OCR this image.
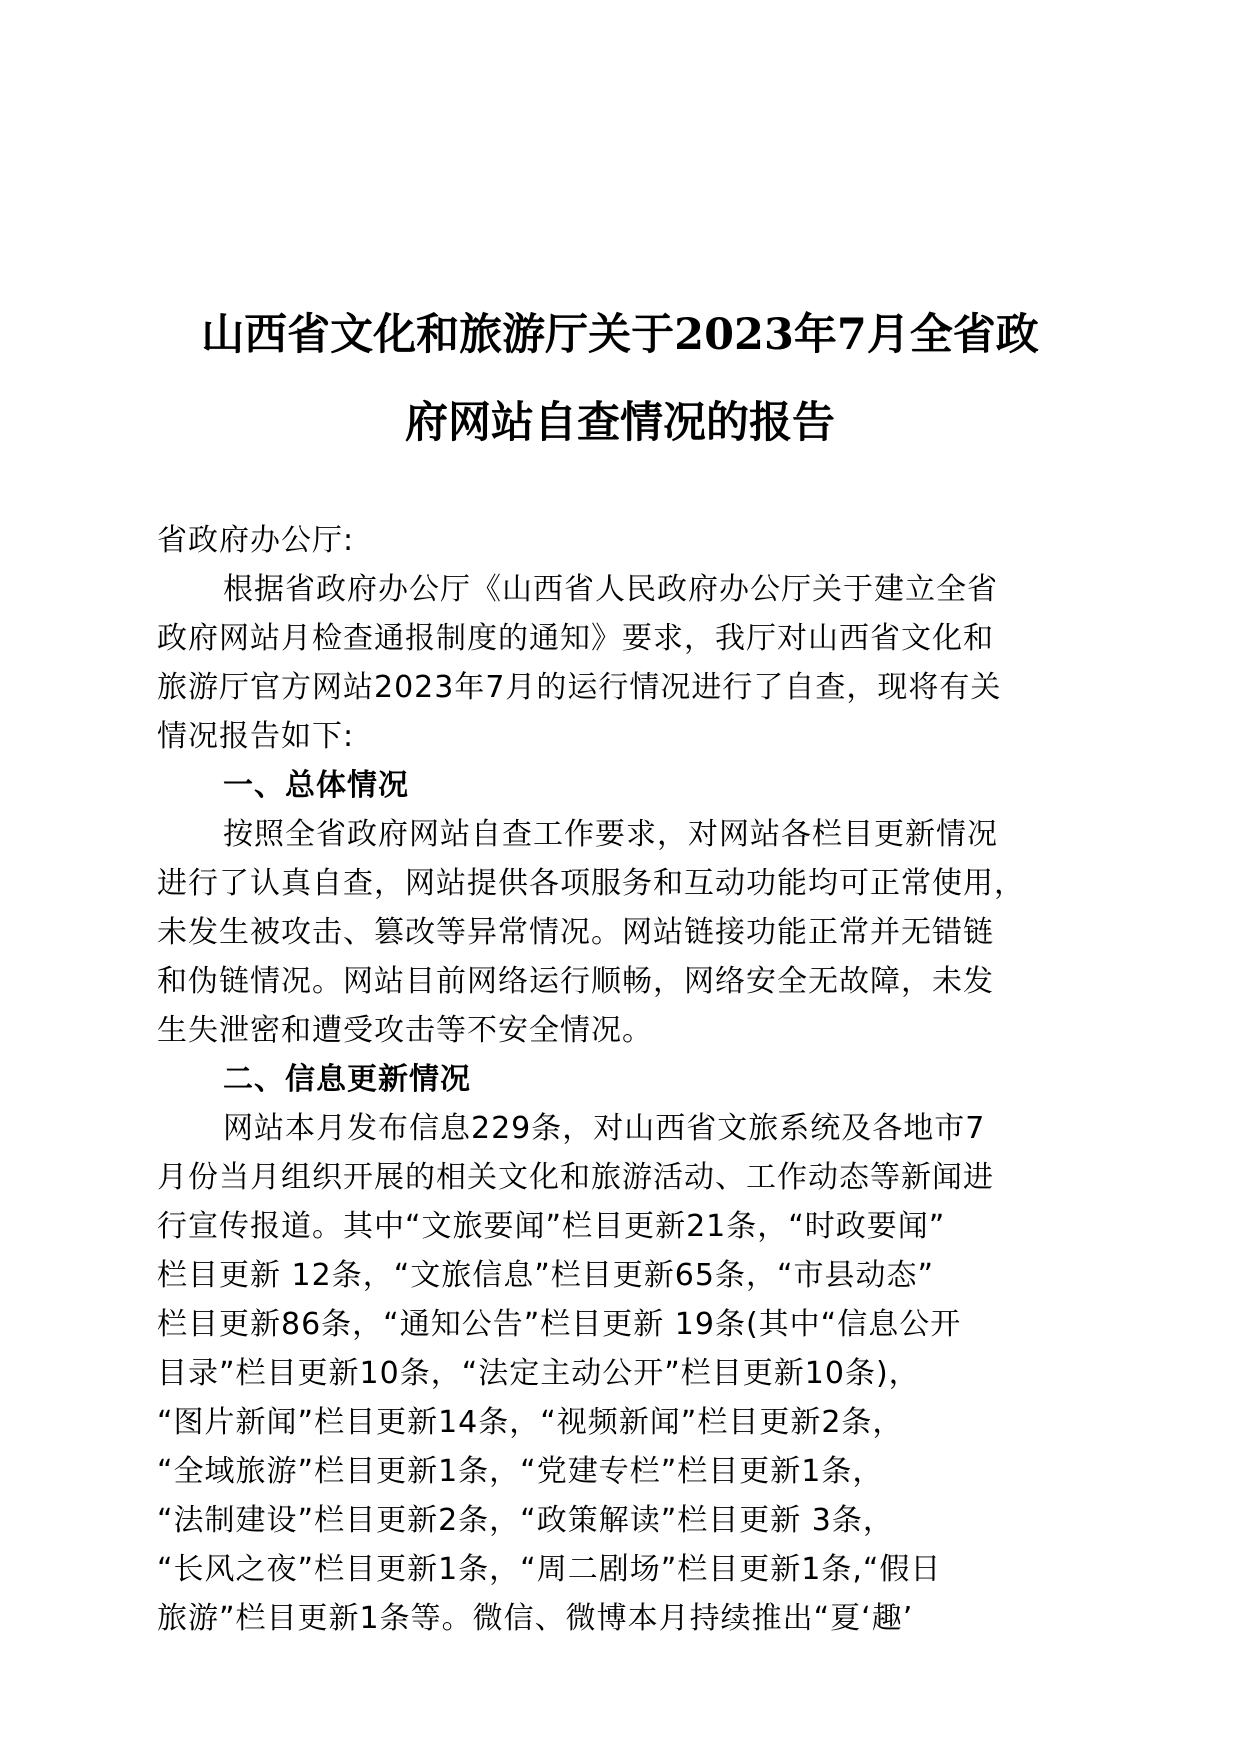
山西省文化和旅游厅关于2023年7月全省政
府网站自查情况的报告

省政府办公厅:

根据省政府办公厅《山西省人民政府办公厅关于建立全省

政府网站月检查通报制度的通知》要求，我厅对山西省文化和

旅游厅官方网站2023年7月的运行情况进行了自查，现将有关

情况报告如下:

一、总体情况

按照全省政府网站自查工作要求，对网站各栏目更新情况

进行了认真自查，网站提供各项服务和互动功能均可正常使用，

未发生被攻击、篡改等异常情况。网站链接功能正常并无错链

和伪链情况。网站目前网络运行顺畅，网络安全无故障，未发

生失泄密和遭受攻击等不安全情况。

二、信息更新情况

网站本月发布信息229条，对山西省文旅系统及各地市7

月份当月组织开展的相关文化和旅游活动、工作动态等新闻进

行宣传报道。其中“文旅要闻”栏目更新21条，“时政要闻”

栏目更新 12条，“文旅信息”栏目更新65条，“市县动态”

栏目更新86条，“通知公告”栏目更新 19条(其中“信息公开

目录”栏目更新10条，“法定主动公开”栏目更新10条)，

“图片新闻”栏目更新14条，“视频新闻”栏目更新2条，

“全域旅游”栏目更新1条，“党建专栏”栏目更新1条，

“法制建设”栏目更新2条，“政策解读”栏目更新 3条，

“长风之夜”栏目更新1条，“周二剧场”栏目更新1条,“假日

旅游”栏目更新1条等。微信、微博本月持续推出“夏‘趣’
